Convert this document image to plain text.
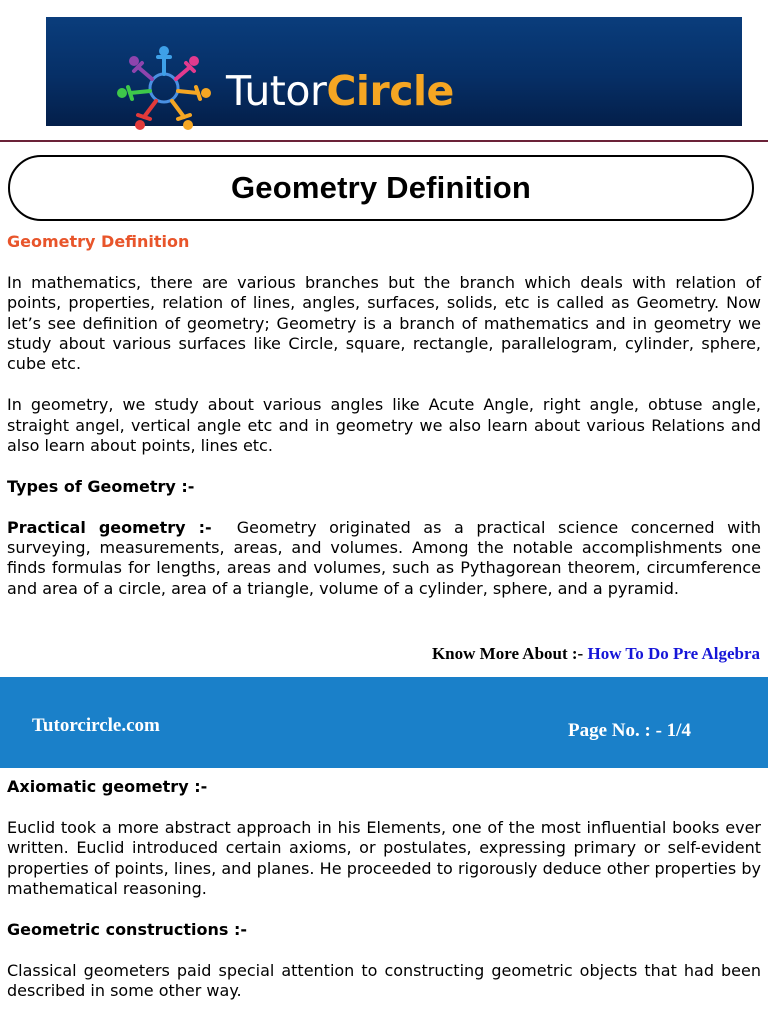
TutorCircle
Geometry Definition

Geometry Definition

In mathematics, there are various branches but the branch which deals with relation of points, properties, relation of lines, angles, surfaces, solids, etc is called as Geometry. Now let’s see definition of geometry; Geometry is a branch of mathematics and in geometry we study about various surfaces like Circle, square, rectangle, parallelogram, cylinder, sphere, cube etc.

In geometry, we study about various angles like Acute Angle, right angle, obtuse angle, straight angel, vertical angle etc and in geometry we also learn about various Relations and also learn about points, lines etc.

Types of Geometry :-

Practical geometry :- Geometry originated as a practical science concerned with surveying, measurements, areas, and volumes. Among the notable accomplishments one finds formulas for lengths, areas and volumes, such as Pythagorean theorem, circumference and area of a circle, area of a triangle, volume of a cylinder, sphere, and a pyramid.

Know More About :- How To Do Pre Algebra
Tutorcircle.com	Page No. : - 1/4

Axiomatic geometry :-

Euclid took a more abstract approach in his Elements, one of the most influential books ever written. Euclid introduced certain axioms, or postulates, expressing primary or self-evident properties of points, lines, and planes. He proceeded to rigorously deduce other properties by mathematical reasoning.

Geometric constructions :-

Classical geometers paid special attention to constructing geometric objects that had been described in some other way.
